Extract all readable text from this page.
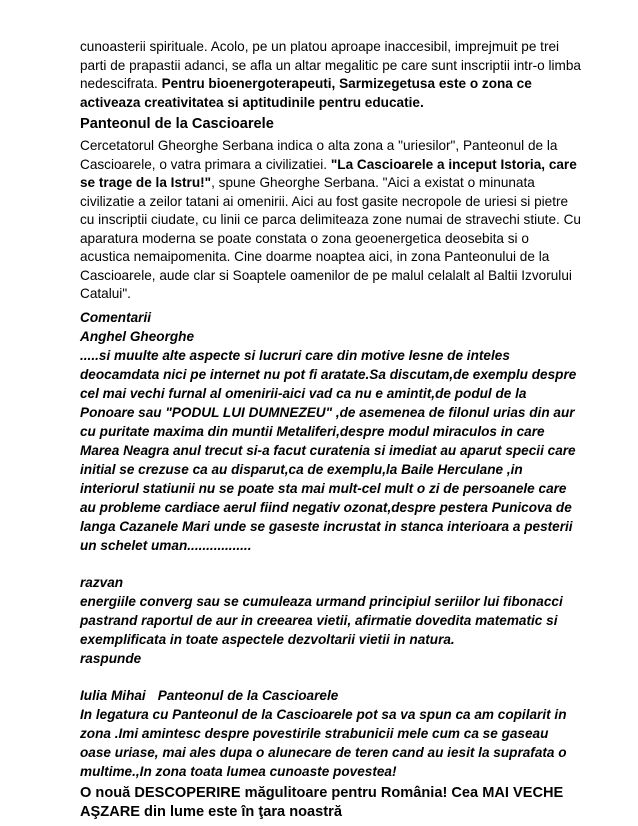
cunoasterii spirituale. Acolo, pe un platou aproape inaccesibil, imprejmuit pe trei parti de prapastii adanci, se afla un altar megalitic pe care sunt inscriptii intr-o limba nedescifrata. Pentru bioenergoterapeuti, Sarmizegetusa este o zona ce activeaza creativitatea si aptitudinile pentru educatie.

Panteonul de la Cascioarele

Cercetatorul Gheorghe Serbana indica o alta zona a "uriesilor", Panteonul de la Cascioarele, o vatra primara a civilizatiei. "La Cascioarele a inceput Istoria, care se trage de la Istru!", spune Gheorghe Serbana. "Aici a existat o minunata civilizatie a zeilor tatani ai omenirii. Aici au fost gasite necropole de uriesi si pietre cu inscriptii ciudate, cu linii ce parca delimiteaza zone numai de stravechi stiute. Cu aparatura moderna se poate constata o zona geoenergetica deosebita si o acustica nemaipomenita. Cine doarme noaptea aici, in zona Panteonului de la Cascioarele, aude clar si Soaptele oamenilor de pe malul celalalt al Baltii Izvorului Catalui".

Comentarii

Anghel Gheorghe

.....si muulte alte aspecte si lucruri care din motive lesne de inteles deocamdata nici pe internet nu pot fi aratate.Sa discutam,de exemplu despre cel mai vechi furnal al omenirii-aici vad ca nu e amintit,de podul de la Ponoare sau "PODUL LUI DUMNEZEU" ,de asemenea de filonul urias din aur cu puritate maxima din muntii Metaliferi,despre modul miraculos in care Marea Neagra anul trecut si-a facut curatenia si imediat au aparut specii care initial se crezuse ca au disparut,ca de exemplu,la Baile Herculane ,in interiorul statiunii nu se poate sta mai mult-cel mult o zi de persoanele care au probleme cardiace aerul fiind negativ ozonat,despre pestera Punicova de langa Cazanele Mari unde se gaseste incrustat in stanca interioara a pesterii un schelet uman.................

razvan

energiile converg sau se cumuleaza urmand principiul seriilor lui fibonacci pastrand raportul de aur in creearea vietii, afirmatie dovedita matematic si exemplificata in toate aspectele dezvoltarii vietii in natura.

raspunde

Iulia Mihai Panteonul de la Cascioarele

In legatura cu Panteonul de la Cascioarele pot sa va spun ca am copilarit in zona .Imi amintesc despre povestirile strabunicii mele cum ca se gaseau oase uriase, mai ales dupa o alunecare de teren cand au iesit la suprafata o multime.,In zona toata lumea cunoaste povestea!

O nouă DESCOPERIRE măgulitoare pentru România! Cea MAI VECHE AŞZARE din lume este în ţara noastră
